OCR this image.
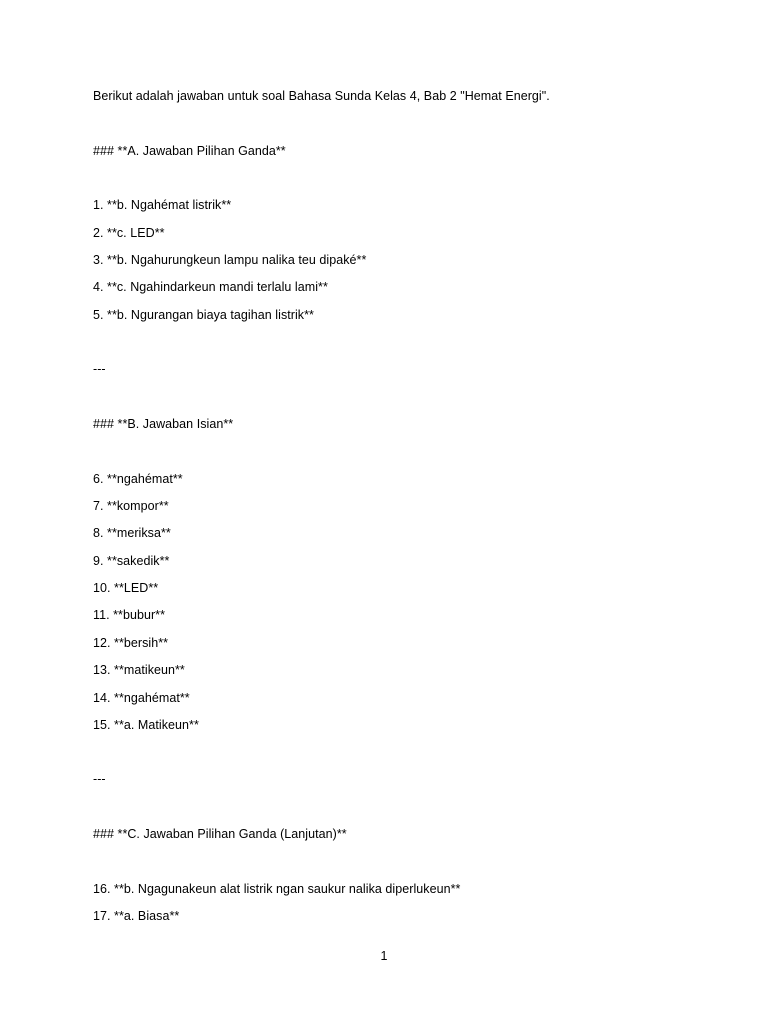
Berikut adalah jawaban untuk soal Bahasa Sunda Kelas 4, Bab 2 "Hemat Energi".
### **A. Jawaban Pilihan Ganda**
1. **b. Ngahémat listrik**
2. **c. LED**
3. **b. Ngahurungkeun lampu nalika teu dipaké**
4. **c. Ngahindarkeun mandi terlalu lami**
5. **b. Ngurangan biaya tagihan listrik**
---
### **B. Jawaban Isian**
6. **ngahémat**
7. **kompor**
8. **meriksa**
9. **sakedik**
10. **LED**
11. **bubur**
12. **bersih**
13. **matikeun**
14. **ngahémat**
15. **a. Matikeun**
---
### **C. Jawaban Pilihan Ganda (Lanjutan)**
16. **b. Ngagunakeun alat listrik ngan saukur nalika diperlukeun**
17. **a. Biasa**
1
